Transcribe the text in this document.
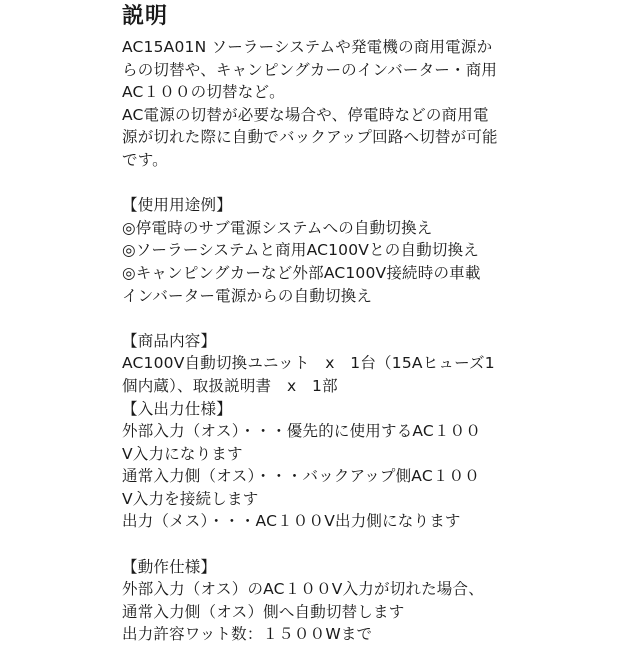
説明
AC15A01N ソーラーシステムや発電機の商用電源か
らの切替や、キャンピングカーのインバーター・商用
AC１００の切替など。
AC電源の切替が必要な場合や、停電時などの商用電
源が切れた際に自動でバックアップ回路へ切替が可能
です。
【使用用途例】
◎停電時のサブ電源システムへの自動切換え
◎ソーラーシステムと商用AC100Vとの自動切換え
◎キャンピングカーなど外部AC100V接続時の車載
インバーター電源からの自動切換え
【商品内容】
AC100V自動切換ユニット　x　1台（15Aヒューズ1
個内蔵）、取扱説明書　x　1部
【入出力仕様】
外部入力（オス）・・・優先的に使用するAC１００
V入力になります
通常入力側（オス）・・・バックアップ側AC１００
V入力を接続します
出力（メス）・・・AC１００V出力側になります
【動作仕様】
外部入力（オス）のAC１００V入力が切れた場合、
通常入力側（オス）側へ自動切替します
出力許容ワット数：１５００Wまで
